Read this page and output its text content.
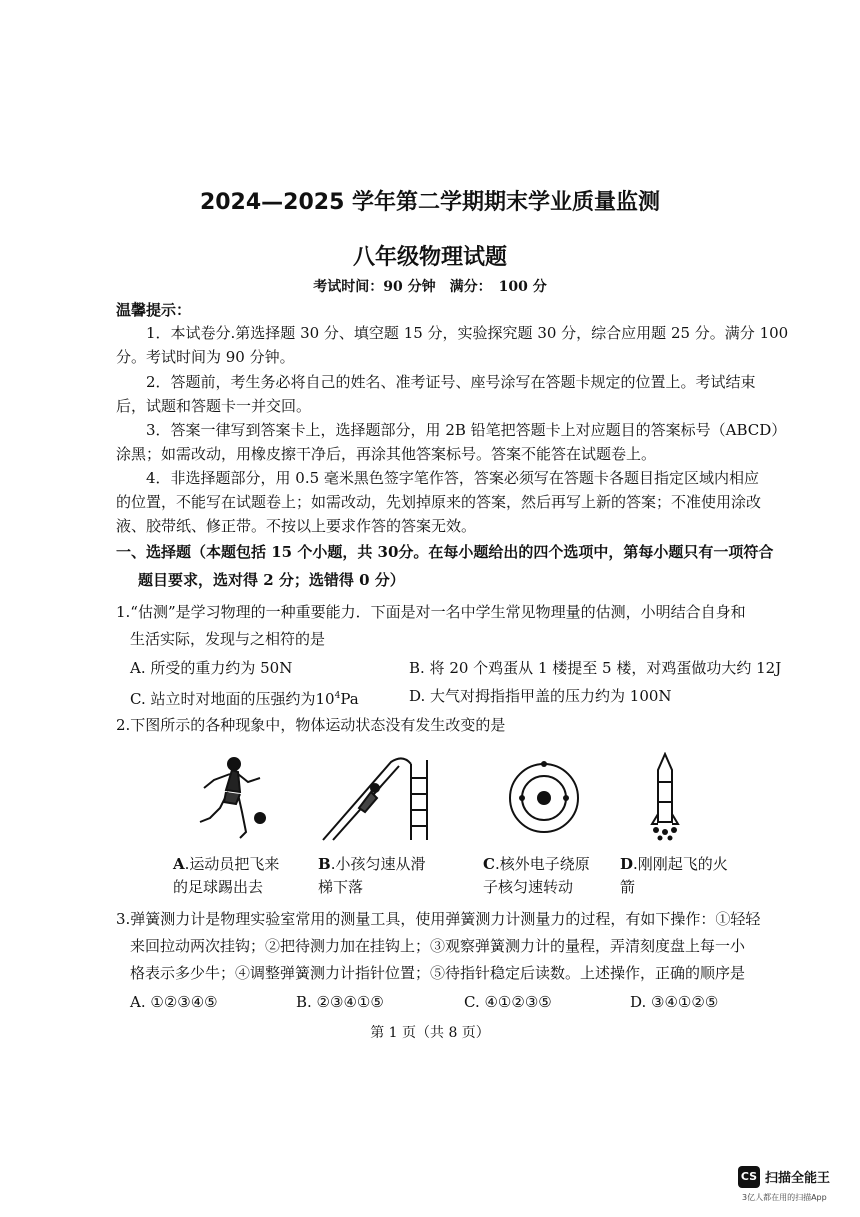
2024—2025 学年第二学期期末学业质量监测
八年级物理试题
考试时间：90 分钟　满分：　100 分
温馨提示：
1．本试卷分.第选择题 30 分、填空题 15 分，实验探究题 30 分，综合应用题 25 分。满分 100
分。考试时间为 90 分钟。
2．答题前，考生务必将自己的姓名、准考证号、座号涂写在答题卡规定的位置上。考试结束
后，试题和答题卡一并交回。
3．答案一律写到答案卡上，选择题部分，用 2B 铅笔把答题卡上对应题目的答案标号（ABCD）
涂黑；如需改动，用橡皮擦干净后，再涂其他答案标号。答案不能答在试题卷上。
4．非选择题部分，用 0.5 毫米黑色签字笔作答，答案必须写在答题卡各题目指定区域内相应
的位置，不能写在试题卷上；如需改动，先划掉原来的答案，然后再写上新的答案；不准使用涂改
液、胶带纸、修正带。不按以上要求作答的答案无效。
一、选择题（本题包括 15 个小题，共 30分。在每小题给出的四个选项中，第每小题只有一项符合
题目要求，选对得 2 分；选错得 0 分）
1.“估测”是学习物理的一种重要能力．下面是对一名中学生常见物理量的估测，小明结合自身和
生活实际，发现与之相符的是
A. 所受的重力约为 50N	B. 将 20 个鸡蛋从 1 楼提至 5 楼，对鸡蛋做功大约 12J
C. 站立时对地面的压强约为$10^4Pa$	D. 大气对拇指指甲盖的压力约为 100N
2.下图所示的各种现象中，物体运动状态没有发生改变的是
A.运动员把飞来
的足球踢出去
B.小孩匀速从滑
梯下落
C.核外电子绕原
子核匀速转动
D.刚刚起飞的火
箭
3.弹簧测力计是物理实验室常用的测量工具，使用弹簧测力计测量力的过程，有如下操作：①轻轻
来回拉动两次挂钩；②把待测力加在挂钩上；③观察弹簧测力计的量程，弄清刻度盘上每一小
格表示多少牛；④调整弹簧测力计指针位置；⑤待指针稳定后读数。上述操作，正确的顺序是
A. ①②③④⑤	B. ②③④①⑤	C. ④①②③⑤	D. ③④①②⑤
第 1 页（共 8 页）
CS 扫描全能王
3亿人都在用的扫描App
